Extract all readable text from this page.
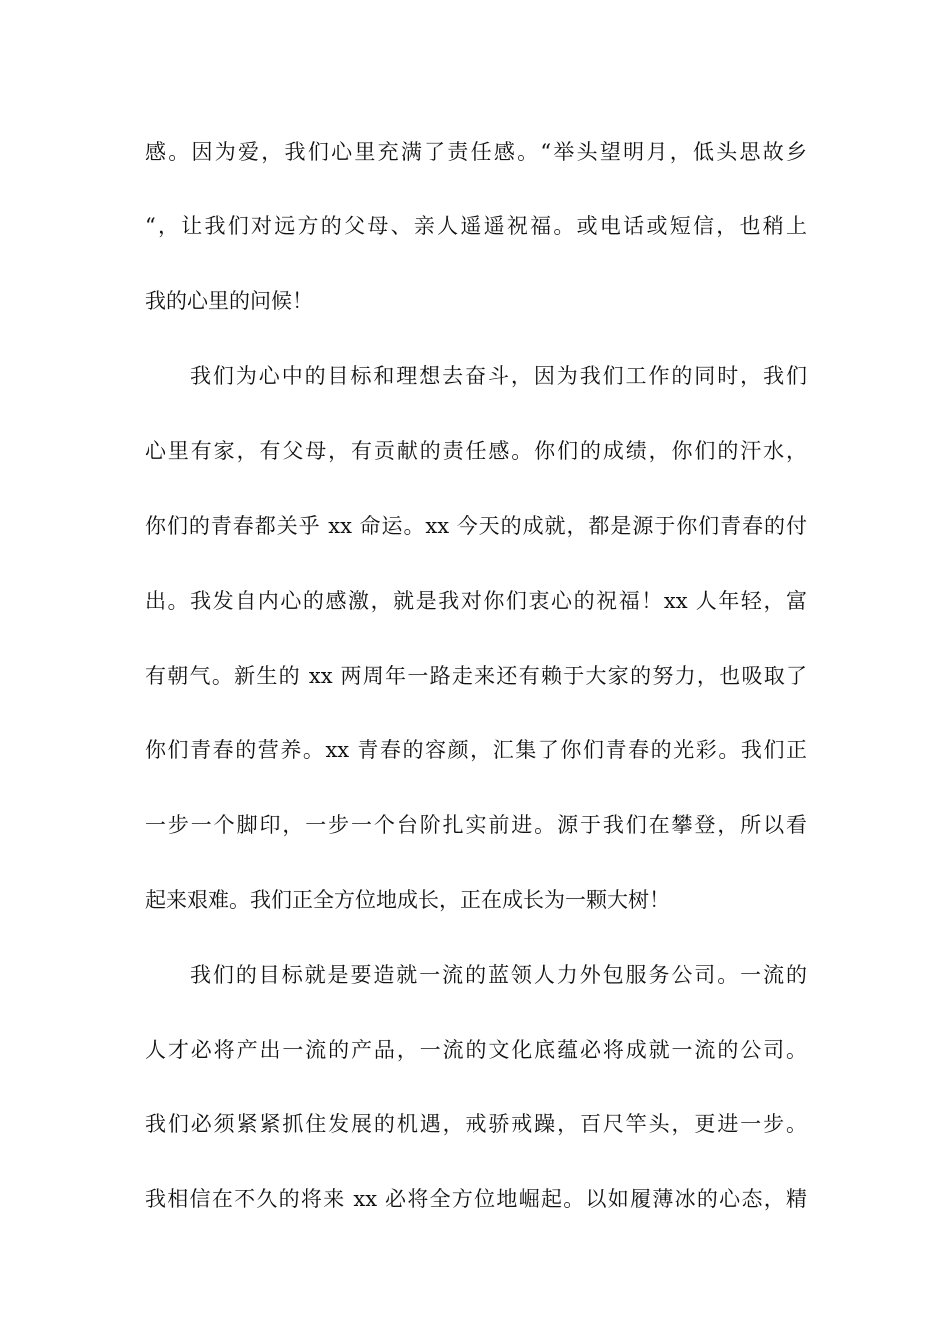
感。因为爱，我们心里充满了责任感。“举头望明月，低头思故乡
“，让我们对远方的父母、亲人遥遥祝福。或电话或短信，也稍上
我的心里的问候！
我们为心中的目标和理想去奋斗，因为我们工作的同时，我们
心里有家，有父母，有贡献的责任感。你们的成绩，你们的汗水，
你们的青春都关乎 xx 命运。xx 今天的成就，都是源于你们青春的付
出。我发自内心的感激，就是我对你们衷心的祝福！xx 人年轻，富
有朝气。新生的 xx 两周年一路走来还有赖于大家的努力，也吸取了
你们青春的营养。xx 青春的容颜，汇集了你们青春的光彩。我们正
一步一个脚印，一步一个台阶扎实前进。源于我们在攀登，所以看
起来艰难。我们正全方位地成长，正在成长为一颗大树！
我们的目标就是要造就一流的蓝领人力外包服务公司。一流的
人才必将产出一流的产品，一流的文化底蕴必将成就一流的公司。
我们必须紧紧抓住发展的机遇，戒骄戒躁，百尺竿头，更进一步。
我相信在不久的将来 xx 必将全方位地崛起。以如履薄冰的心态，精
